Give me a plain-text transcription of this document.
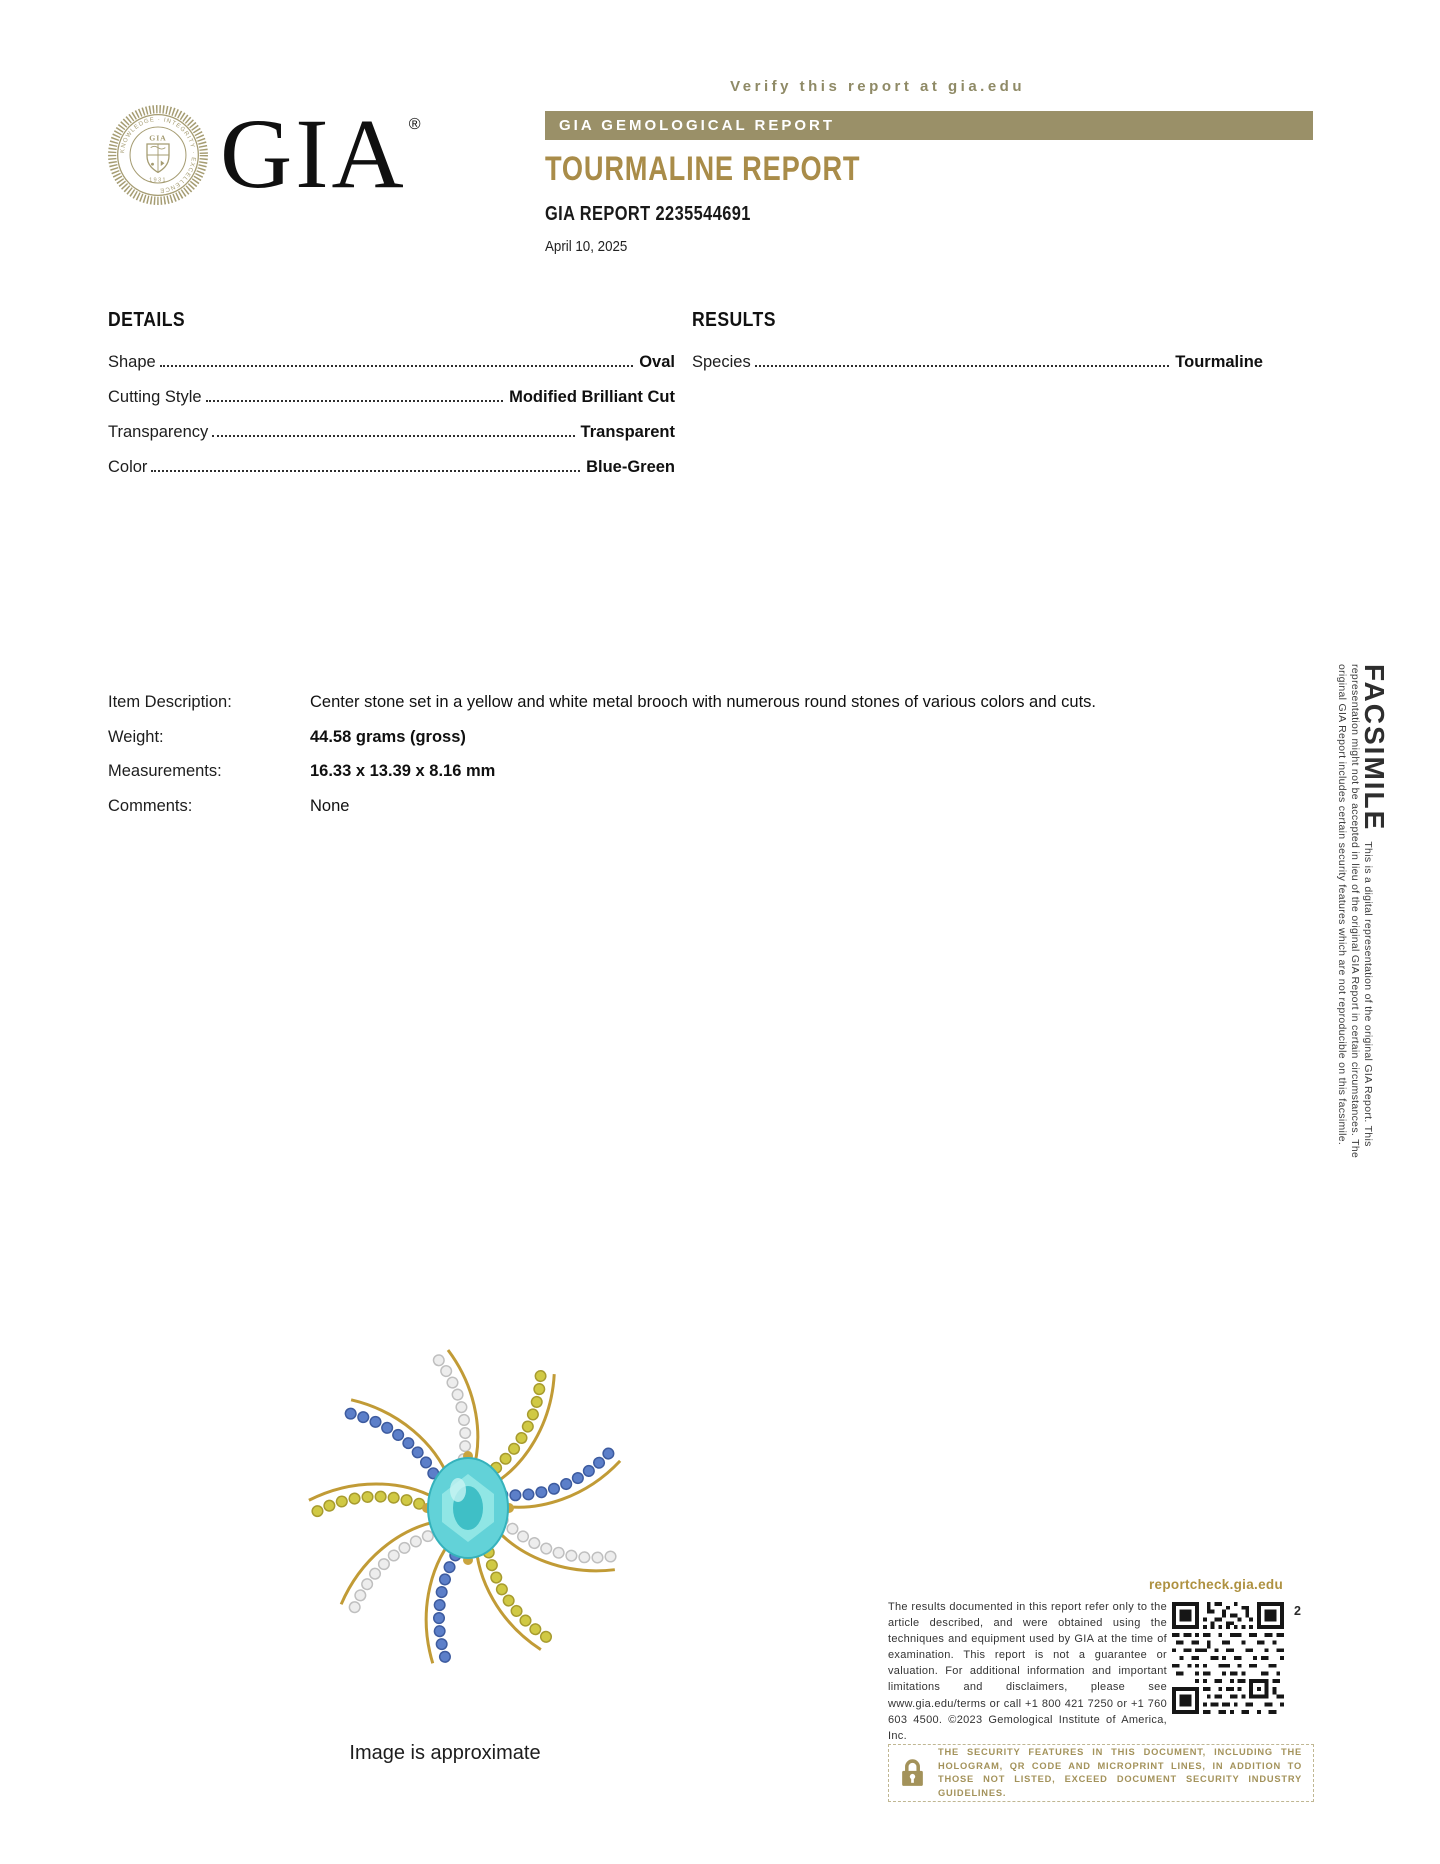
KNOWLEDGE · INTEGRITY · EXCELLENCE
GIA
· 1931 · GIA ®
Verify this report at gia.edu
GIA GEMOLOGICAL REPORT
TOURMALINE REPORT
GIA REPORT 2235544691
April 10, 2025
DETAILS
Shape	Oval
Cutting Style	Modified Brilliant Cut
Transparency	Transparent
Color	Blue-Green
RESULTS
Species	Tourmaline
Item Description:	Center stone set in a yellow and white metal brooch with numerous round stones of various colors and cuts.
Weight:	44.58 grams (gross)
Measurements:	16.33 x 13.39 x 8.16 mm
Comments:	None	FACSIMILEThis is a digital representation of the original GIA Report. This representation might not be accepted in lieu of the original GIA Report in certain circumstances. The original GIA Report includes certain security features which are not reproducible on this facsimile.
Image is approximate
reportcheck.gia.edu
The results documented in this report refer only to the article described, and were obtained using the techniques and equipment used by GIA at the time of examination. This report is not a guarantee or valuation. For additional information and important limitations and disclaimers, please see www.gia.edu/terms or call +1 800 421 7250 or +1 760 603 4500. ©2023 Gemological Institute of America, Inc.
2
THE SECURITY FEATURES IN THIS DOCUMENT, INCLUDING THE HOLOGRAM, QR CODE AND MICROPRINT LINES, IN ADDITION TO THOSE NOT LISTED, EXCEED DOCUMENT SECURITY INDUSTRY GUIDELINES.
